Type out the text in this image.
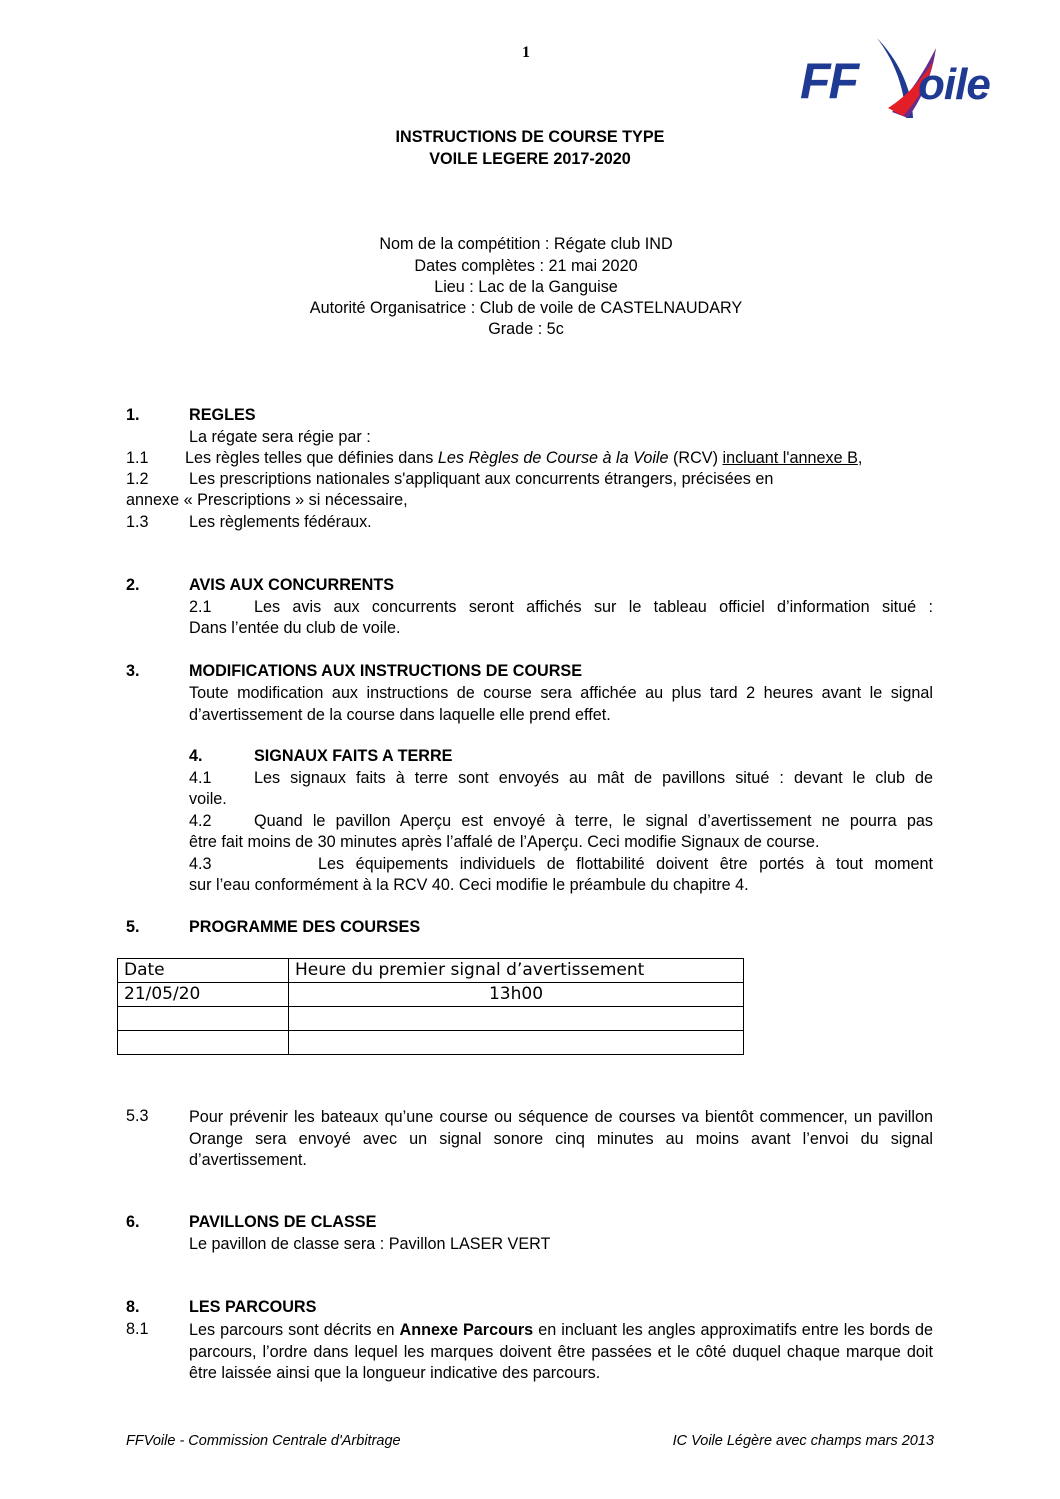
1
FF oile
INSTRUCTIONS DE COURSE TYPE
VOILE LEGERE 2017-2020
Nom de la compétition : Régate club IND
Dates complètes : 21 mai 2020
Lieu : Lac de la Ganguise
Autorité Organisatrice : Club de voile de CASTELNAUDARY
Grade : 5c
1.	REGLES
La régate sera régie par :
1.1 Les règles telles que définies dans Les Règles de Course à la Voile (RCV) incluant l'annexe B,
1.2 Les prescriptions nationales s'appliquant aux concurrents étrangers, précisées en
annexe « Prescriptions » si nécessaire,
1.3 Les règlements fédéraux.
2.	AVIS AUX CONCURRENTS
2.1	Les avis aux concurrents seront affichés sur le tableau officiel d’information situé :
Dans l’entée du club de voile.
3.	MODIFICATIONS AUX INSTRUCTIONS DE COURSE
Toute modification aux instructions de course sera affichée au plus tard 2 heures avant le signal d’avertissement de la course dans laquelle elle prend effet.
4.	SIGNAUX FAITS A TERRE
4.1	Les signaux faits à terre sont envoyés au mât de pavillons situé : devant le club de
voile.
4.2	Quand le pavillon Aperçu est envoyé à terre, le signal d’avertissement ne pourra pas
être fait moins de 30 minutes après l’affalé de l’Aperçu. Ceci modifie Signaux de course.
4.3	Les équipements individuels de flottabilité doivent être portés à tout moment
sur l’eau conformément à la RCV 40. Ceci modifie le préambule du chapitre 4.
5.	PROGRAMME DES COURSES
Date	Heure du premier signal d’avertissement
21/05/20	13h00

5.3 Pour prévenir les bateaux qu’une course ou séquence de courses va bientôt commencer, un pavillon Orange sera envoyé avec un signal sonore cinq minutes au moins avant l’envoi du signal d’avertissement.
6.	PAVILLONS DE CLASSE
Le pavillon de classe sera : Pavillon LASER VERT
8.	LES PARCOURS
8.1 Les parcours sont décrits en Annexe Parcours en incluant les angles approximatifs entre les bords de parcours, l’ordre dans lequel les marques doivent être passées et le côté duquel chaque marque doit être laissée ainsi que la longueur indicative des parcours.
FFVoile - Commission Centrale d'Arbitrage	IC Voile Légère avec champs mars 2013
